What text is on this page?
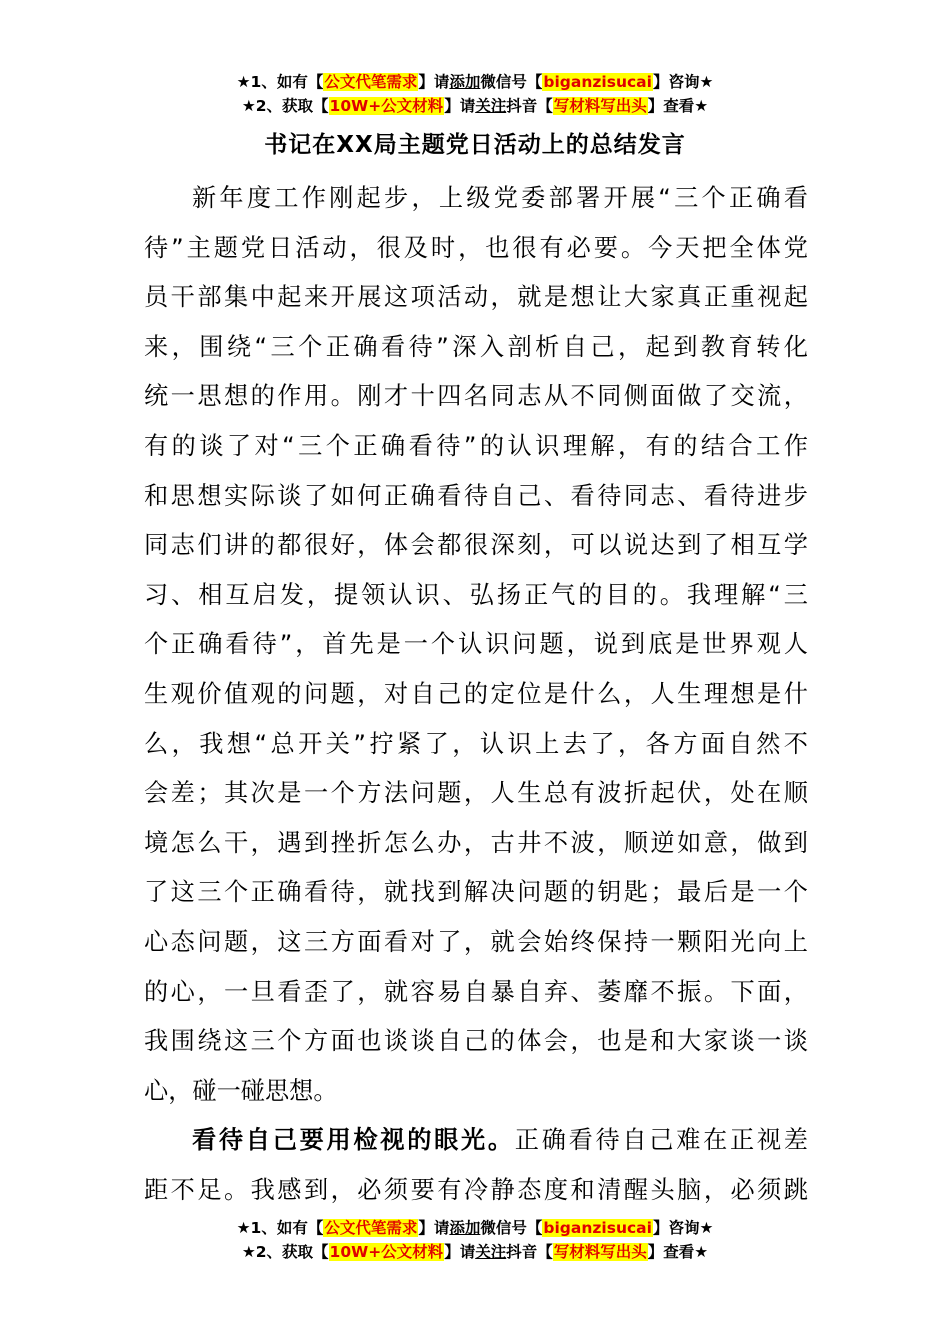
★1、如有【公文代笔需求】请添加微信号【biganzisucai】咨询★
★2、获取【10W+公文材料】请关注抖音【写材料写出头】查看★
书记在XX局主题党日活动上的总结发言
新年度工作刚起步，上级党委部署开展“三个正确看
待”主题党日活动，很及时，也很有必要。今天把全体党
员干部集中起来开展这项活动，就是想让大家真正重视起
来，围绕“三个正确看待”深入剖析自己，起到教育转化
统一思想的作用。刚才十四名同志从不同侧面做了交流，
有的谈了对“三个正确看待”的认识理解，有的结合工作
和思想实际谈了如何正确看待自己、看待同志、看待进步
同志们讲的都很好，体会都很深刻，可以说达到了相互学
习、相互启发，提领认识、弘扬正气的目的。我理解“三
个正确看待”，首先是一个认识问题，说到底是世界观人
生观价值观的问题，对自己的定位是什么，人生理想是什
么，我想“总开关”拧紧了，认识上去了，各方面自然不
会差；其次是一个方法问题，人生总有波折起伏，处在顺
境怎么干，遇到挫折怎么办，古井不波，顺逆如意，做到
了这三个正确看待，就找到解决问题的钥匙；最后是一个
心态问题，这三方面看对了，就会始终保持一颗阳光向上
的心，一旦看歪了，就容易自暴自弃、萎靡不振。下面，
我围绕这三个方面也谈谈自己的体会，也是和大家谈一谈
心，碰一碰思想。
看待自己要用检视的眼光。正确看待自己难在正视差
距不足。我感到，必须要有冷静态度和清醒头脑，必须跳
★1、如有【公文代笔需求】请添加微信号【biganzisucai】咨询★
★2、获取【10W+公文材料】请关注抖音【写材料写出头】查看★
